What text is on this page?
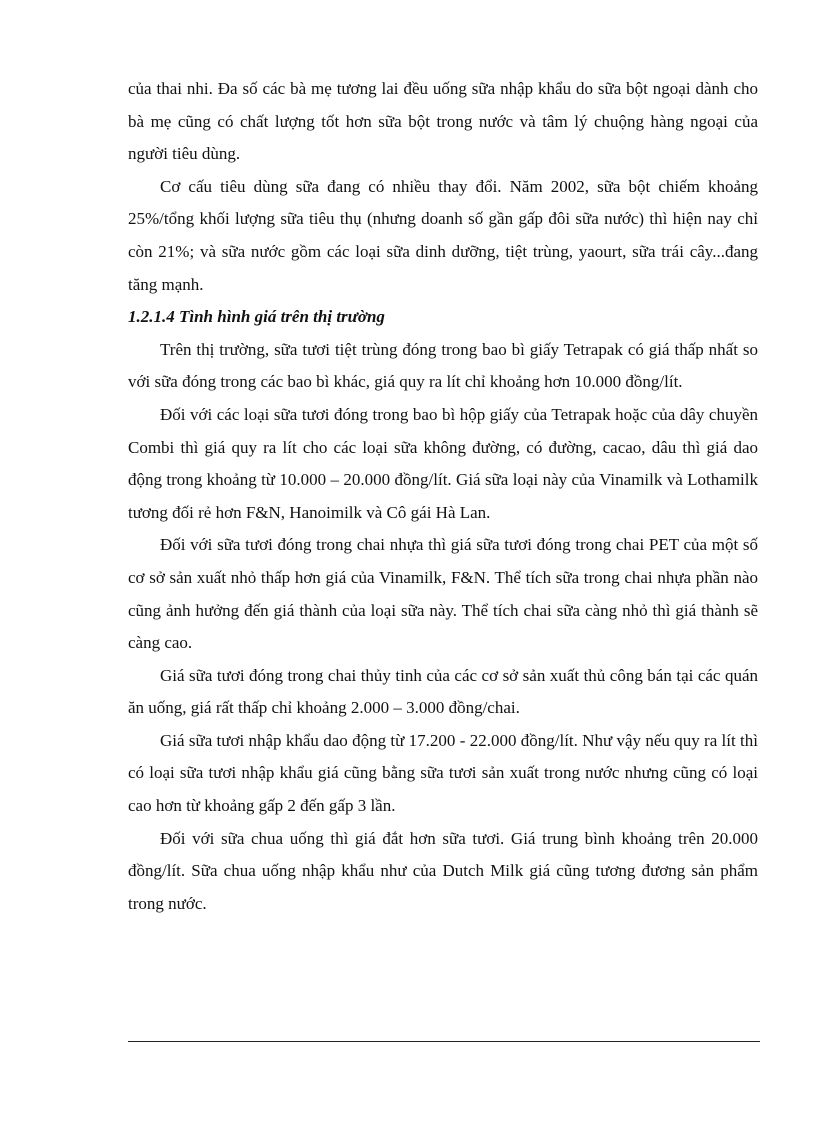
của thai nhi. Đa số các bà mẹ tương lai đều uống sữa nhập khẩu do sữa bột ngoại dành cho bà mẹ cũng có chất lượng tốt hơn sữa bột trong nước và tâm lý chuộng hàng ngoại của người tiêu dùng.

Cơ cấu tiêu dùng sữa đang có nhiều thay đổi. Năm 2002, sữa bột chiếm khoảng 25%/tổng khối lượng sữa tiêu thụ (nhưng doanh số gần gấp đôi sữa nước) thì hiện nay chỉ còn 21%; và sữa nước gồm các loại sữa dinh dưỡng, tiệt trùng, yaourt, sữa trái cây...đang tăng mạnh.

1.2.1.4 Tình hình giá trên thị trường

Trên thị trường, sữa tươi tiệt trùng đóng trong bao bì giấy Tetrapak có giá thấp nhất so với sữa đóng trong các bao bì khác, giá quy ra lít chỉ khoảng hơn 10.000 đồng/lít.

Đối với các loại sữa tươi đóng trong bao bì hộp giấy của Tetrapak hoặc của dây chuyền Combi thì giá quy ra lít cho các loại sữa không đường, có đường, cacao, dâu thì giá dao động trong khoảng từ 10.000 – 20.000 đồng/lít. Giá sữa loại này của Vinamilk và Lothamilk tương đối rẻ hơn F&N, Hanoimilk và Cô gái Hà Lan.

Đối với sữa tươi đóng trong chai nhựa thì giá sữa tươi đóng trong chai PET của một số cơ sở sản xuất nhỏ thấp hơn giá của Vinamilk, F&N. Thể tích sữa trong chai nhựa phần nào cũng ảnh hưởng đến giá thành của loại sữa này. Thể tích chai sữa càng nhỏ thì giá thành sẽ càng cao.

Giá sữa tươi đóng trong chai thủy tinh của các cơ sở sản xuất thủ công bán tại các quán ăn uống, giá rất thấp chỉ khoảng 2.000 – 3.000 đồng/chai.

Giá sữa tươi nhập khẩu dao động từ 17.200 - 22.000 đồng/lít. Như vậy nếu quy ra lít thì có loại sữa tươi nhập khẩu giá cũng bằng sữa tươi sản xuất trong nước nhưng cũng có loại cao hơn từ khoảng gấp 2 đến gấp 3 lần.

Đối với sữa chua uống thì giá đắt hơn sữa tươi. Giá trung bình khoảng trên 20.000 đồng/lít. Sữa chua uống nhập khẩu như của Dutch Milk giá cũng tương đương sản phẩm trong nước.
